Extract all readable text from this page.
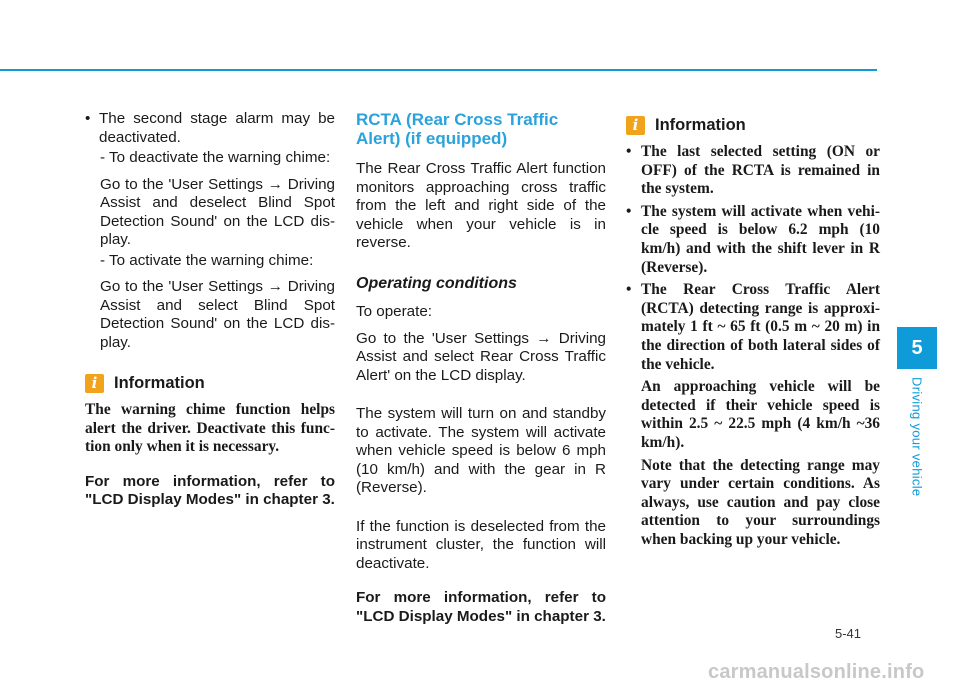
• The second stage alarm may be deactivated.

- To deactivate the warning chime:

Go to the 'User Settings → Driving Assist and deselect Blind Spot Detection Sound' on the LCD dis- play.

- To activate the warning chime:

Go to the 'User Settings → Driving Assist and select Blind Spot Detection Sound' on the LCD dis- play.

i	Information

The warning chime function helps alert the driver. Deactivate this func- tion only when it is necessary.

For more information, refer to "LCD Display Modes" in chapter 3.

RCTA (Rear Cross Traffic Alert) (if equipped)

The Rear Cross Traffic Alert function monitors approaching cross traffic from the left and right side of the vehicle when your vehicle is in reverse.

Operating conditions

To operate:

Go to the 'User Settings → Driving Assist and select Rear Cross Traffic Alert' on the LCD display.

The system will turn on and standby to activate. The system will activate when vehicle speed is below 6 mph (10 km/h) and with the gear in R (Reverse).

If the function is deselected from the instrument cluster, the function will deactivate.

For more information, refer to "LCD Display Modes" in chapter 3.

i	Information
• The last selected setting (ON or OFF) of the RCTA is remained in the system.
• The system will activate when vehi- cle speed is below 6.2 mph (10 km/h) and with the shift lever in R (Reverse).
• The Rear Cross Traffic Alert (RCTA) detecting range is approxi- mately 1 ft ~ 65 ft (0.5 m ~ 20 m) in the direction of both lateral sides of the vehicle.

An approaching vehicle will be detected if their vehicle speed is within 2.5 ~ 22.5 mph (4 km/h ~36 km/h).

Note that the detecting range may vary under certain conditions. As always, use caution and pay close attention to your surroundings when backing up your vehicle.

5
Driving your vehicle
5-41
carmanualsonline.info
